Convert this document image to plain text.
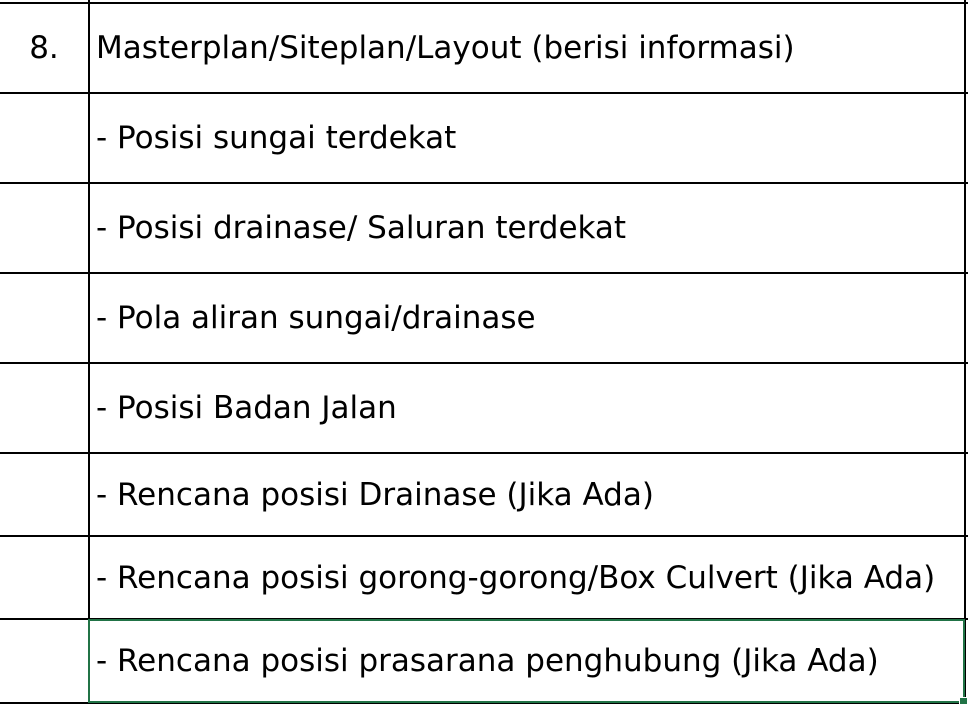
8.	Masterplan/Siteplan/Layout (berisi informasi)
- Posisi sungai terdekat
- Posisi drainase/ Saluran terdekat
- Pola aliran sungai/drainase
- Posisi Badan Jalan
- Rencana posisi Drainase (Jika Ada)
- Rencana posisi gorong-gorong/Box Culvert (Jika Ada)
- Rencana posisi prasarana penghubung (Jika Ada)
